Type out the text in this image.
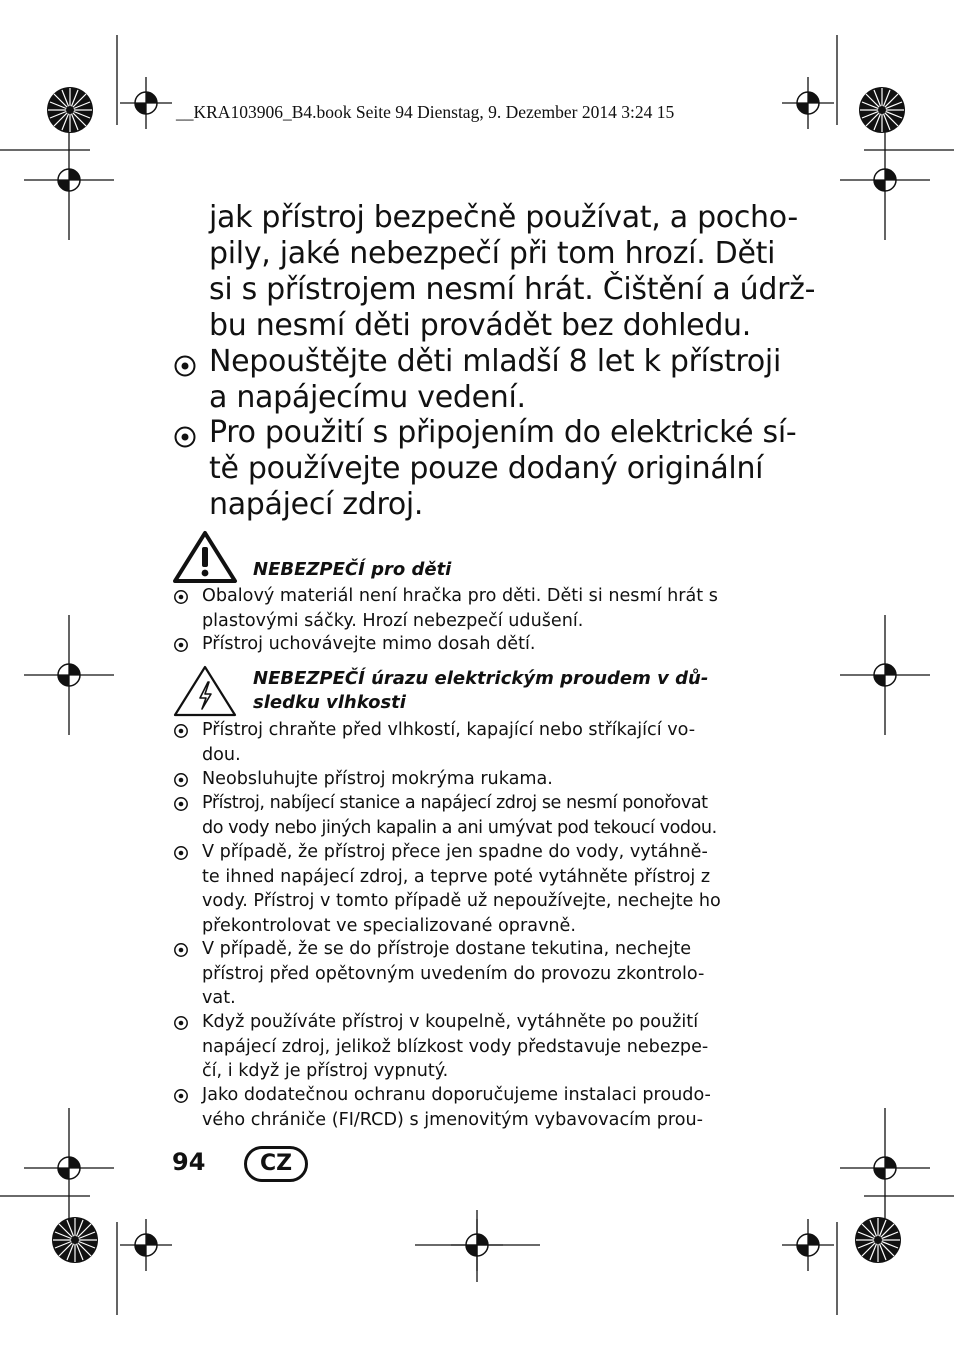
__KRA103906_B4.book Seite 94 Dienstag, 9. Dezember 2014 3:24 15
jak přístroj bezpečně používat, a pocho-
pily, jaké nebezpečí při tom hrozí. Děti
si s přístrojem nesmí hrát. Čištění a údrž-
bu nesmí děti provádět bez dohledu.
Nepouštějte děti mladší 8 let k přístroji
a napájecímu vedení.
Pro použití s připojením do elektrické sí-
tě používejte pouze dodaný originální
napájecí zdroj.
NEBEZPEČÍ pro děti
Obalový materiál není hračka pro děti. Děti si nesmí hrát s
plastovými sáčky. Hrozí nebezpečí udušení.
Přístroj uchovávejte mimo dosah dětí.
NEBEZPEČÍ úrazu elektrickým proudem v dů-
sledku vlhkosti
Přístroj chraňte před vlhkostí, kapající nebo stříkající vo-
dou.
Neobsluhujte přístroj mokrýma rukama.
Přístroj, nabíjecí stanice a napájecí zdroj se nesmí ponořovat
do vody nebo jiných kapalin a ani umývat pod tekoucí vodou.
V případě, že přístroj přece jen spadne do vody, vytáhně-
te ihned napájecí zdroj, a teprve poté vytáhněte přístroj z
vody. Přístroj v tomto případě už nepoužívejte, nechejte ho
překontrolovat ve specializované opravně.
V případě, že se do přístroje dostane tekutina, nechejte
přístroj před opětovným uvedením do provozu zkontrolo-
vat.
Když používáte přístroj v koupelně, vytáhněte po použití
napájecí zdroj, jelikož blízkost vody představuje nebezpe-
čí, i když je přístroj vypnutý.
Jako dodatečnou ochranu doporučujeme instalaci proudo-
vého chrániče (FI/RCD) s jmenovitým vybavovacím prou-
94	CZ
